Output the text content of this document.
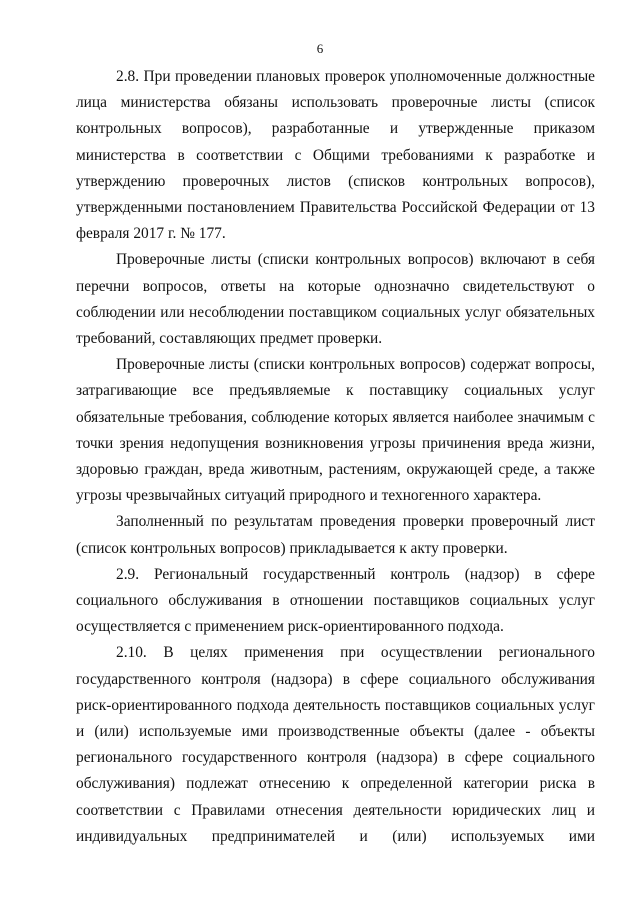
6

2.8. При проведении плановых проверок уполномоченные должностные лица министерства обязаны использовать проверочные листы (список контрольных вопросов), разработанные и утвержденные приказом министерства в соответствии с Общими требованиями к разработке и утверждению проверочных листов (списков контрольных вопросов), утвержденными постановлением Правительства Российской Федерации от 13 февраля 2017 г. № 177.

Проверочные листы (списки контрольных вопросов) включают в себя перечни вопросов, ответы на которые однозначно свидетельствуют о соблюдении или несоблюдении поставщиком социальных услуг обязательных требований, составляющих предмет проверки.

Проверочные листы (списки контрольных вопросов) содержат вопросы, затрагивающие все предъявляемые к поставщику социальных услуг обязательные требования, соблюдение которых является наиболее значимым с точки зрения недопущения возникновения угрозы причинения вреда жизни, здоровью граждан, вреда животным, растениям, окружающей среде, а также угрозы чрезвычайных ситуаций природного и техногенного характера.

Заполненный по результатам проведения проверки проверочный лист (список контрольных вопросов) прикладывается к акту проверки.

2.9. Региональный государственный контроль (надзор) в сфере социального обслуживания в отношении поставщиков социальных услуг осуществляется с применением риск-ориентированного подхода.

2.10. В целях применения при осуществлении регионального государственного контроля (надзора) в сфере социального обслуживания риск-ориентированного подхода деятельность поставщиков социальных услуг и (или) используемые ими производственные объекты (далее - объекты регионального государственного контроля (надзора) в сфере социального обслуживания) подлежат отнесению к определенной категории риска в соответствии с Правилами отнесения деятельности юридических лиц и индивидуальных предпринимателей и (или) используемых ими
